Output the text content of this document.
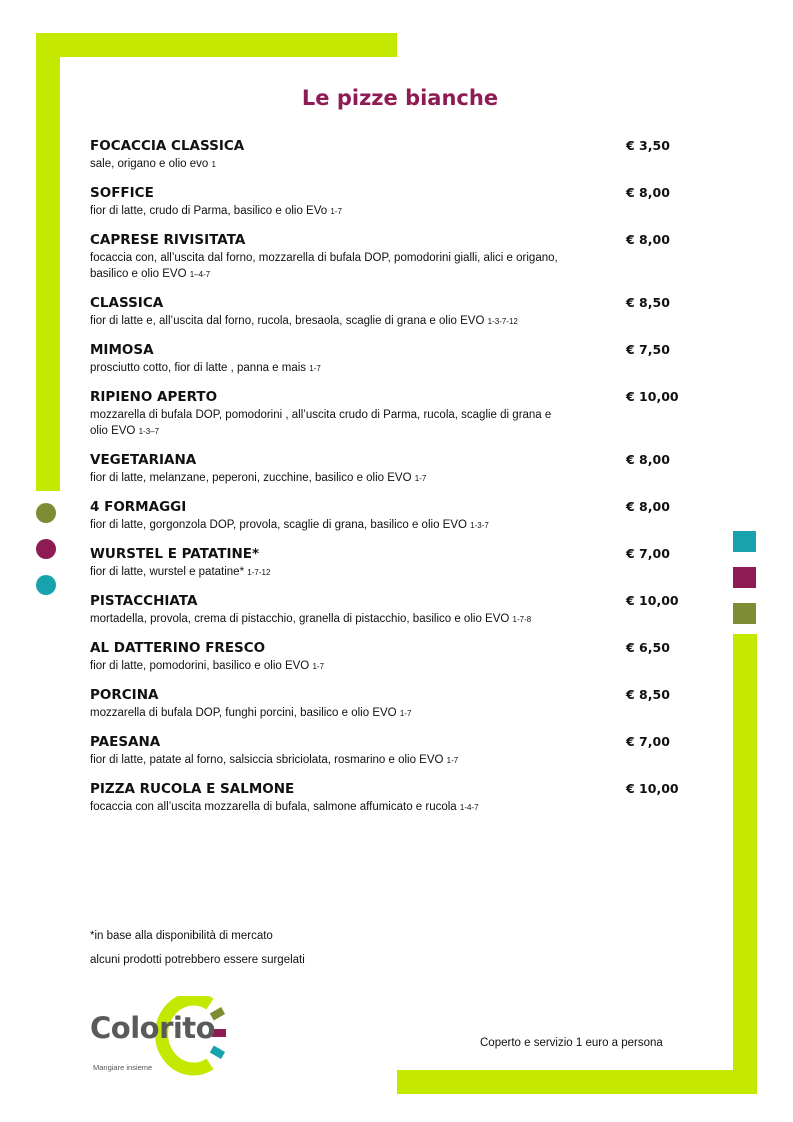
Le pizze bianche
FOCACCIA CLASSICA
sale, origano e olio evo 1
€ 3,50
SOFFICE
fior di latte, crudo di Parma, basilico e olio EVo 1-7
€ 8,00
CAPRESE RIVISITATA
focaccia con, all’uscita dal forno, mozzarella di bufala DOP, pomodorini gialli, alici e origano, basilico e olio EVO 1–4-7
€ 8,00
CLASSICA
fior di latte e, all’uscita dal forno, rucola, bresaola, scaglie di grana e olio EVO 1-3-7-12
€ 8,50
MIMOSA
prosciutto cotto, fior di latte , panna e mais 1-7
€ 7,50
RIPIENO APERTO
mozzarella di bufala DOP, pomodorini , all’uscita crudo di Parma, rucola, scaglie di grana e olio EVO 1-3–7
€ 10,00
VEGETARIANA
fior di latte, melanzane, peperoni, zucchine, basilico e olio EVO 1-7
€ 8,00
4 FORMAGGI
fior di latte, gorgonzola DOP, provola, scaglie di grana, basilico e olio EVO 1-3-7
€ 8,00
WURSTEL E PATATINE*
fior di latte, wurstel e patatine* 1-7-12
€ 7,00
PISTACCHIATA
mortadella, provola, crema di pistacchio, granella di pistacchio, basilico e olio EVO 1-7-8
€ 10,00
AL DATTERINO FRESCO
fior di latte, pomodorini, basilico e olio EVO 1-7
€ 6,50
PORCINA
mozzarella di bufala DOP, funghi porcini, basilico e olio EVO 1-7
€ 8,50
PAESANA
fior di latte, patate al forno, salsiccia sbriciolata, rosmarino e olio EVO 1-7
€ 7,00
PIZZA RUCOLA E SALMONE
focaccia con all’uscita mozzarella di bufala, salmone affumicato e rucola 1-4-7
€ 10,00
*in base alla disponibilità di mercato
alcuni prodotti potrebbero essere surgelati
Colorito
Mangiare insieme
Coperto e servizio 1 euro a persona
